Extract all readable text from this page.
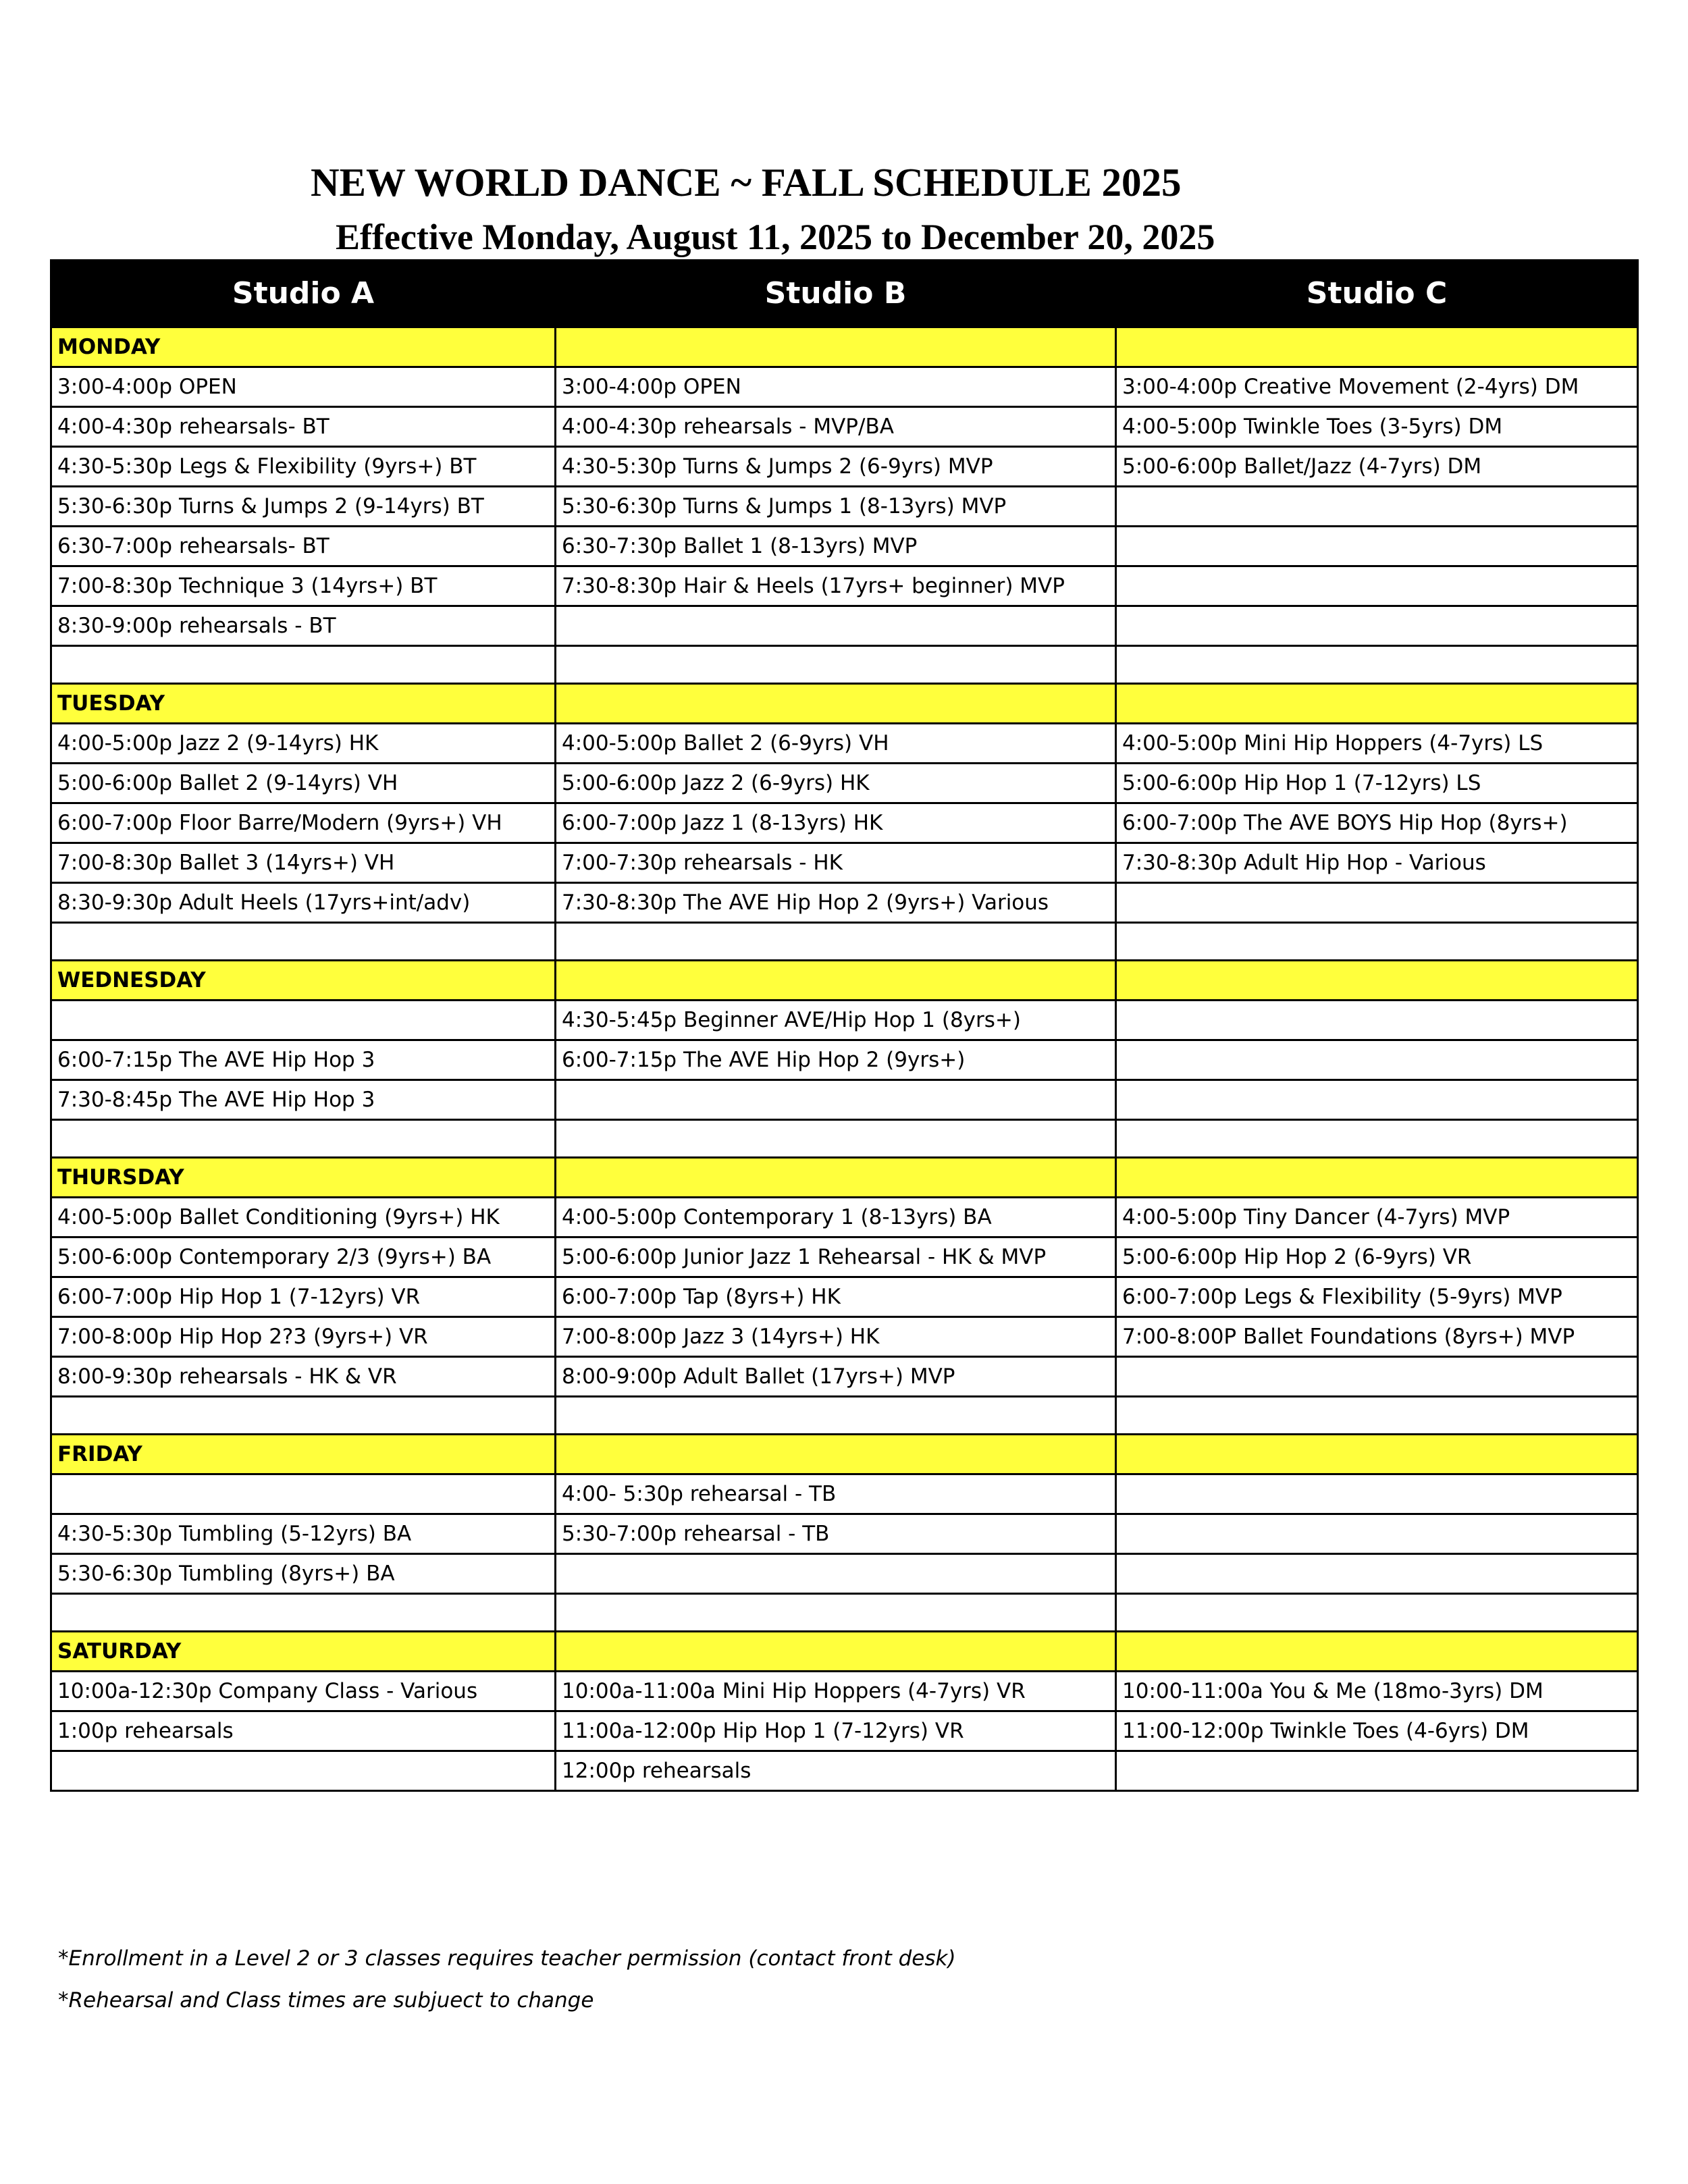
NEW WORLD DANCE ~ FALL SCHEDULE 2025
Effective Monday, August 11, 2025 to December 20, 2025
Studio A	Studio B	Studio C
MONDAY		
3:00-4:00p OPEN	3:00-4:00p OPEN	3:00-4:00p Creative Movement (2-4yrs) DM
4:00-4:30p rehearsals- BT	4:00-4:30p rehearsals - MVP/BA	4:00-5:00p Twinkle Toes (3-5yrs) DM
4:30-5:30p Legs & Flexibility (9yrs+) BT	4:30-5:30p Turns & Jumps 2 (6-9yrs) MVP	5:00-6:00p Ballet/Jazz (4-7yrs) DM
5:30-6:30p Turns & Jumps 2 (9-14yrs) BT	5:30-6:30p Turns & Jumps 1 (8-13yrs) MVP	
6:30-7:00p rehearsals- BT	6:30-7:30p Ballet 1 (8-13yrs) MVP	
7:00-8:30p Technique 3 (14yrs+) BT	7:30-8:30p Hair & Heels (17yrs+ beginner) MVP	
8:30-9:00p rehearsals - BT		

TUESDAY		
4:00-5:00p Jazz 2 (9-14yrs) HK	4:00-5:00p Ballet 2 (6-9yrs) VH	4:00-5:00p Mini Hip Hoppers (4-7yrs) LS
5:00-6:00p Ballet 2 (9-14yrs) VH	5:00-6:00p Jazz 2 (6-9yrs) HK	5:00-6:00p Hip Hop 1 (7-12yrs) LS
6:00-7:00p Floor Barre/Modern (9yrs+) VH	6:00-7:00p Jazz 1 (8-13yrs) HK	6:00-7:00p The AVE BOYS Hip Hop (8yrs+)
7:00-8:30p Ballet 3 (14yrs+) VH	7:00-7:30p rehearsals - HK	7:30-8:30p Adult Hip Hop - Various
8:30-9:30p Adult Heels (17yrs+int/adv)	7:30-8:30p The AVE Hip Hop 2 (9yrs+) Various	

WEDNESDAY		
	4:30-5:45p Beginner AVE/Hip Hop 1 (8yrs+)	
6:00-7:15p The AVE Hip Hop 3	6:00-7:15p The AVE Hip Hop 2 (9yrs+)	
7:30-8:45p The AVE Hip Hop 3		

THURSDAY		
4:00-5:00p Ballet Conditioning (9yrs+) HK	4:00-5:00p Contemporary 1 (8-13yrs) BA	4:00-5:00p Tiny Dancer (4-7yrs) MVP
5:00-6:00p Contemporary 2/3 (9yrs+) BA	5:00-6:00p Junior Jazz 1 Rehearsal - HK & MVP	5:00-6:00p Hip Hop 2 (6-9yrs) VR
6:00-7:00p Hip Hop 1 (7-12yrs) VR	6:00-7:00p Tap (8yrs+) HK	6:00-7:00p Legs & Flexibility (5-9yrs) MVP
7:00-8:00p Hip Hop 2?3 (9yrs+) VR	7:00-8:00p Jazz 3 (14yrs+) HK	7:00-8:00P Ballet Foundations (8yrs+) MVP
8:00-9:30p rehearsals - HK & VR	8:00-9:00p Adult Ballet (17yrs+) MVP	

FRIDAY		
	4:00- 5:30p rehearsal - TB	
4:30-5:30p Tumbling (5-12yrs) BA	5:30-7:00p rehearsal - TB	
5:30-6:30p Tumbling (8yrs+) BA		

SATURDAY		
10:00a-12:30p Company Class - Various	10:00a-11:00a Mini Hip Hoppers (4-7yrs) VR	10:00-11:00a You & Me (18mo-3yrs) DM
1:00p rehearsals	11:00a-12:00p Hip Hop 1 (7-12yrs) VR	11:00-12:00p Twinkle Toes (4-6yrs) DM
	12:00p rehearsals	
*Enrollment in a Level 2 or 3 classes requires teacher permission (contact front desk)
*Rehearsal and Class times are subjuect to change
